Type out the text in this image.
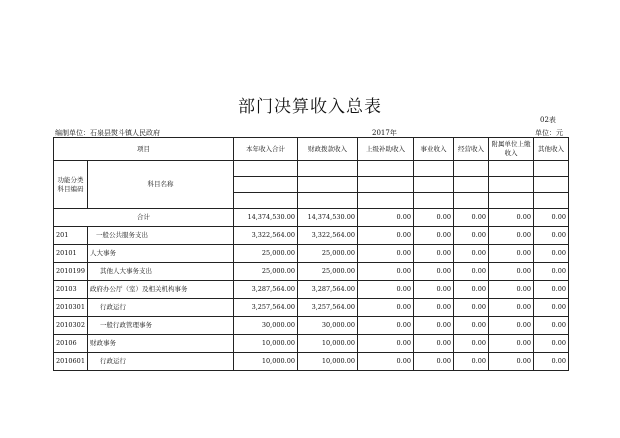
部门决算收入总表
02表
编制单位：石泉县熨斗镇人民政府	2017年	单位：元
项目		本年收入合计	财政拨款收入	上级补助收入	事业收入	经营收入	附属单位上缴收入	其他收入
功能分类科目编码	科目名称							

合计		14,374,530.00	14,374,530.00	0.00	0.00	0.00	0.00	0.00
201	一般公共服务支出	3,322,564.00	3,322,564.00	0.00	0.00	0.00	0.00	0.00
20101	人大事务	25,000.00	25,000.00	0.00	0.00	0.00	0.00	0.00
2010199	其他人大事务支出	25,000.00	25,000.00	0.00	0.00	0.00	0.00	0.00
20103	政府办公厅（室）及相关机构事务	3,287,564.00	3,287,564.00	0.00	0.00	0.00	0.00	0.00
2010301	行政运行	3,257,564.00	3,257,564.00	0.00	0.00	0.00	0.00	0.00
2010302	一般行政管理事务	30,000.00	30,000.00	0.00	0.00	0.00	0.00	0.00
20106	财政事务	10,000.00	10,000.00	0.00	0.00	0.00	0.00	0.00
2010601	行政运行	10,000.00	10,000.00	0.00	0.00	0.00	0.00	0.00
